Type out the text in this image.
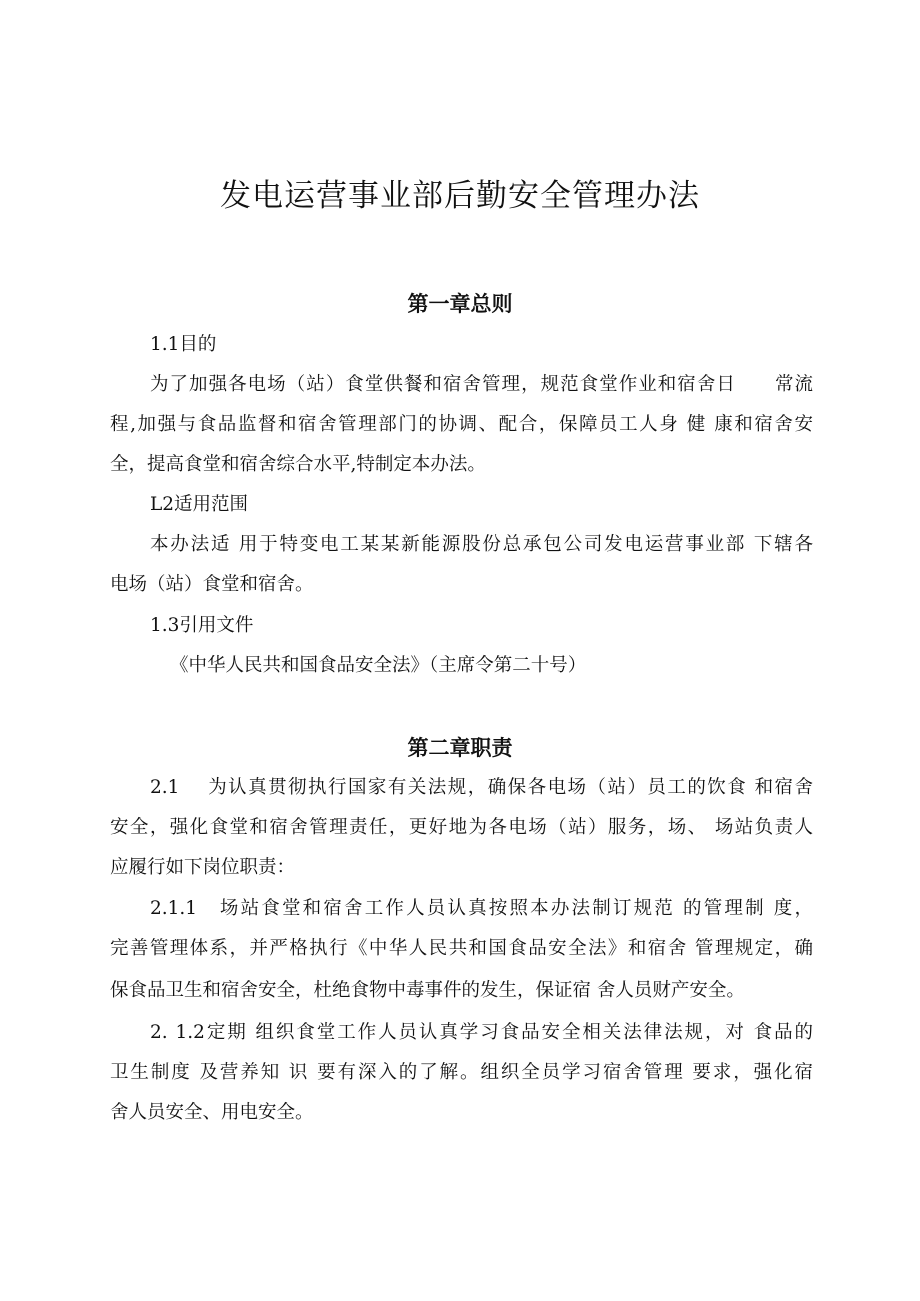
发电运营事业部后勤安全管理办法
第一章总则

1.1目的

为了加强各电场（站）食堂供餐和宿舍管理，规范食堂作业和宿舍日　　常流

程,加强与食品监督和宿舍管理部门的协调、配合，保障员工人身 健 康和宿舍安

全，提高食堂和宿舍综合水平,特制定本办法。

L2适用范围

本办法适 用于特变电工某某新能源股份总承包公司发电运营事业部 下辖各

电场（站）食堂和宿舍。

1.3引用文件

《中华人民共和国食品安全法》（主席令第二十号）

第二章职责

2.1　 为认真贯彻执行国家有关法规，确保各电场（站）员工的饮食 和宿舍

安全，强化食堂和宿舍管理责任，更好地为各电场（站）服务，场、 场站负责人

应履行如下岗位职责：

2.1.1　场站食堂和宿舍工作人员认真按照本办法制订规范 的管理制 度，

完善管理体系，并严格执行《中华人民共和国食品安全法》和宿舍 管理规定，确

保食品卫生和宿舍安全，杜绝食物中毒事件的发生，保证宿 舍人员财产安全。

2. 1.2定期 组织食堂工作人员认真学习食品安全相关法律法规，对 食品的

卫生制度 及营养知 识 要有深入的了解。组织全员学习宿舍管理 要求，强化宿

舍人员安全、用电安全。
